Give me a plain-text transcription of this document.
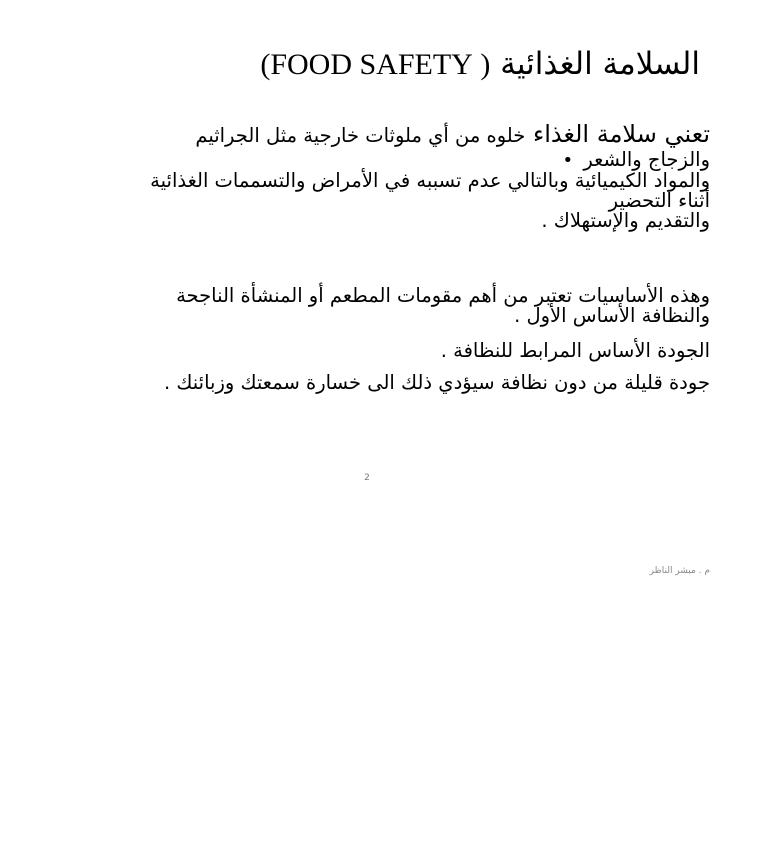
السلامة الغذائية ( FOOD SAFETY)
تعني سلامة الغذاء خلوه من أي ملوثات خارجية مثل الجراثيم
والزجاج والشعر •
والمواد الكيميائية وبالتالي عدم تسببه في الأمراض والتسممات الغذائية
أثناء التحضير
والتقديم والإستهلاك .
وهذه الأساسيات تعتبر من أهم مقومات المطعم أو المنشأة الناجحة
والنظافة الأساس الأول .
الجودة الأساس المرابط للنظافة .
جودة قليلة من دون نظافة سيؤدي ذلك الى خسارة سمعتك وزبائنك .
2
م . مبشر الناظر
